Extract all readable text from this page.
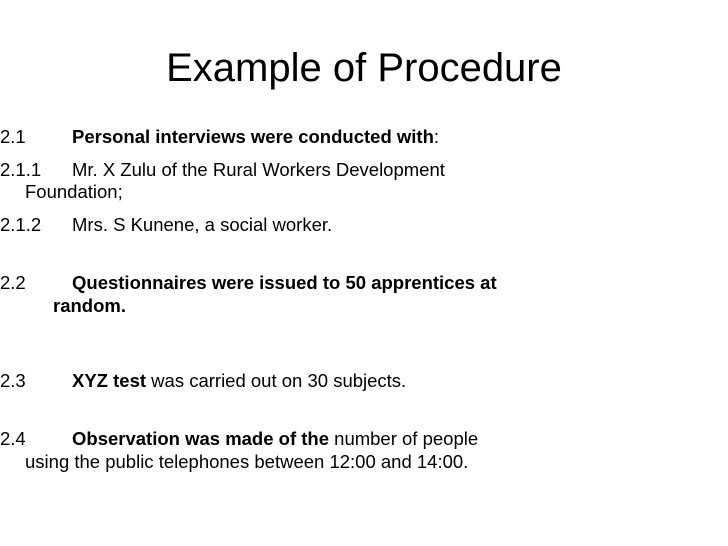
Example of Procedure
2.1	Personal interviews were conducted with:
2.1.1 Mr. X Zulu of the Rural Workers Development
Foundation;
2.1.2 Mrs. S Kunene, a social worker.
2.2	Questionnaires were issued to 50 apprentices at
random.
2.3	XYZ test was carried out on 30 subjects.
2.4	Observation was made of the number of people
using the public telephones between 12:00 and 14:00.
